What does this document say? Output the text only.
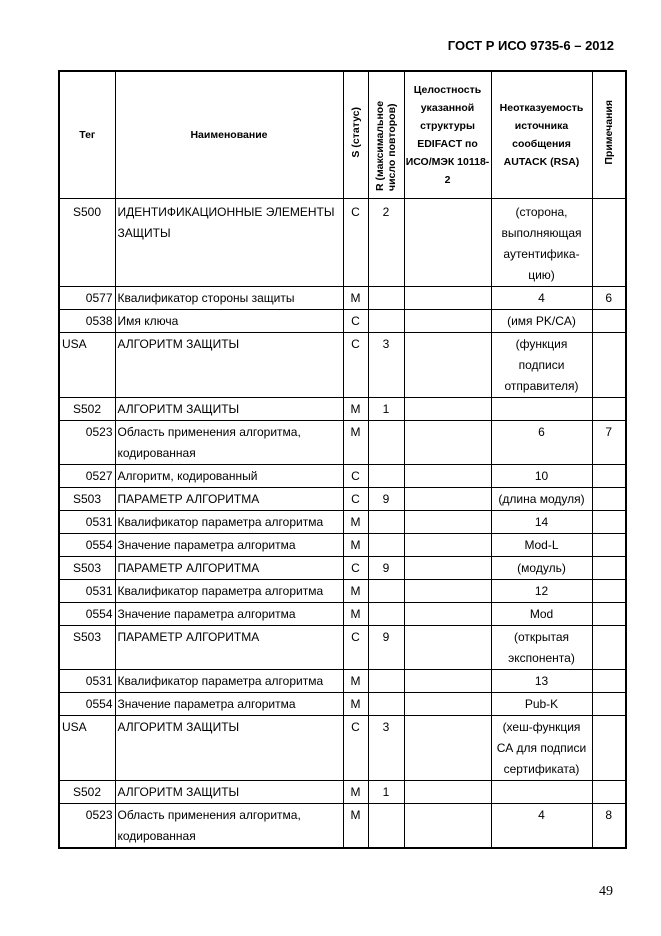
ГОСТ Р ИСО 9735-6 – 2012
Тег	Наименование	S (статус)	R (максимальное число повторов)	Целостность указанной структуры EDIFACT по ИСО/МЭК 10118-2	Неотказуемость источника сообщения AUTACK (RSA)	Примечания
S500	ИДЕНТИФИКАЦИОННЫЕ ЭЛЕМЕНТЫ ЗАЩИТЫ	С	2		(сторона, выполняющая аутентифика-цию)	
0577	Квалификатор стороны защиты	М			4	6
0538	Имя ключа	С			(имя PK/CA)	
USA	АЛГОРИТМ ЗАЩИТЫ	С	3		(функция подписи отправителя)	
S502	АЛГОРИТМ ЗАЩИТЫ	М	1			
0523	Область применения алгоритма, кодированная	М			6	7
0527	Алгоритм, кодированный	С			10	
S503	ПАРАМЕТР АЛГОРИТМА	С	9		(длина модуля)	
0531	Квалификатор параметра алгоритма	М			14	
0554	Значение параметра алгоритма	М			Mod-L	
S503	ПАРАМЕТР АЛГОРИТМА	С	9		(модуль)	
0531	Квалификатор параметра алгоритма	М			12	
0554	Значение параметра алгоритма	М			Mod	
S503	ПАРАМЕТР АЛГОРИТМА	С	9		(открытая экспонента)	
0531	Квалификатор параметра алгоритма	М			13	
0554	Значение параметра алгоритма	М			Pub-K	
USA	АЛГОРИТМ ЗАЩИТЫ	С	3		(хеш-функция СА для подписи сертификата)	
S502	АЛГОРИТМ ЗАЩИТЫ	М	1			
0523	Область применения алгоритма, кодированная	М			4	8
49
